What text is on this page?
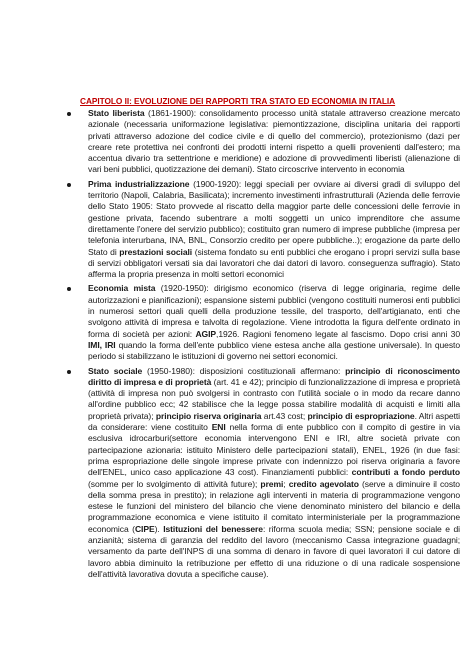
CAPITOLO II: EVOLUZIONE DEI RAPPORTI TRA STATO ED ECONOMIA IN ITALIA

Stato liberista (1861-1900): consolidamento processo unità statale attraverso creazione mercato azionale (necessaria uniformazione legislativa: piemontizzazione, disciplina unitaria dei rapporti privati attraverso adozione del codice civile e di quello del commercio), protezionismo (dazi per creare rete protettiva nei confronti dei prodotti interni rispetto a quelli provenienti dall'estero; ma accentua divario tra settentrione e meridione) e adozione di provvedimenti liberisti (alienazione di vari beni pubblici, quotizzazione dei demani). Stato circoscrive intervento in economia

Prima industrializzazione (1900-1920): leggi speciali per ovviare ai diversi gradi di sviluppo del territorio (Napoli, Calabria, Basilicata); incremento investimenti infrastrutturali (Azienda delle ferrovie dello Stato 1905: Stato provvede al riscatto della maggior parte delle concessioni delle ferrovie in gestione privata, facendo subentrare a molti soggetti un unico imprenditore che assume direttamente l'onere del servizio pubblico); costituito gran numero di imprese pubbliche (impresa per telefonia interurbana, INA, BNL, Consorzio credito per opere pubbliche..); erogazione da parte dello Stato di prestazioni sociali (sistema fondato su enti pubblici che erogano i propri servizi sulla base di servizi obbligatori versati sia dai lavoratori che dai datori di lavoro. conseguenza suffragio). Stato afferma la propria presenza in molti settori economici

Economia mista (1920-1950): dirigismo economico (riserva di legge originaria, regime delle autorizzazioni e pianificazioni); espansione sistemi pubblici (vengono costituiti numerosi enti pubblici in numerosi settori quali quelli della produzione tessile, del trasporto, dell'artigianato, enti che svolgono attività di impresa e talvolta di regolazione. Viene introdotta la figura dell'ente ordinato in forma di società per azioni: AGIP,1926. Ragioni fenomeno legate al fascismo. Dopo crisi anni 30 IMI, IRI quando la forma dell'ente pubblico viene estesa anche alla gestione universale). In questo periodo si stabilizzano le istituzioni di governo nei settori economici.

Stato sociale (1950-1980): disposizioni costituzionali affermano: principio di riconoscimento diritto di impresa e di proprietà (art. 41 e 42); principio di funzionalizzazione di impresa e proprietà (attività di impresa non può svolgersi in contrasto con l'utilità sociale o in modo da recare danno all'ordine pubblico ecc; 42 stabilisce che la legge possa stabilire modalità di acquisti e limiti alla proprietà privata); principio riserva originaria art.43 cost; principio di espropriazione. Altri aspetti da considerare: viene costituito ENI nella forma di ente pubblico con il compito di gestire in via esclusiva idrocarburi(settore economia intervengono ENI e IRI, altre società private con partecipazione azionaria: istituito Ministero delle partecipazioni statali), ENEL, 1926 (in due fasi: prima espropriazione delle singole imprese private con indennizzo poi riserva originaria a favore dell'ENEL, unico caso applicazione 43 cost). Finanziamenti pubblici: contributi a fondo perduto (somme per lo svolgimento di attività future); premi; credito agevolato (serve a diminuire il costo della somma presa in prestito); in relazione agli interventi in materia di programmazione vengono estese le funzioni del ministero del bilancio che viene denominato ministero del bilancio e della programmazione economica e viene istituito il comitato interministeriale per la programmazione economica (CIPE). Istituzioni del benessere: riforma scuola media; SSN; pensione sociale e di anzianità; sistema di garanzia del reddito del lavoro (meccanismo Cassa integrazione guadagni; versamento da parte dell'INPS di una somma di denaro in favore di quei lavoratori il cui datore di lavoro abbia diminuito la retribuzione per effetto di una riduzione o di una radicale sospensione dell'attività lavorativa dovuta a specifiche cause).
